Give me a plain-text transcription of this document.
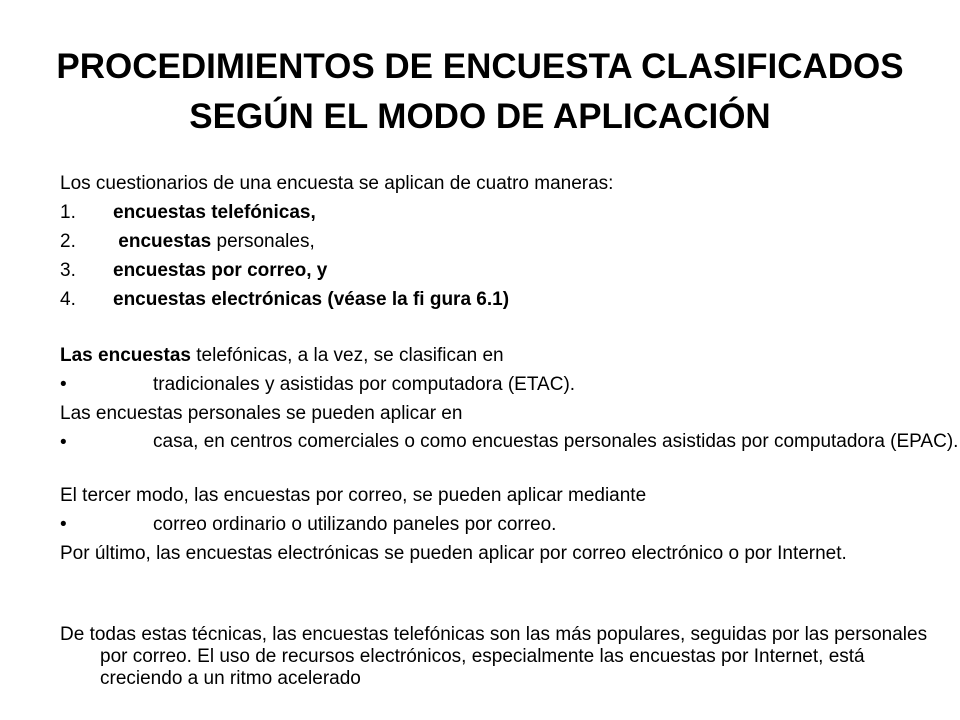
PROCEDIMIENTOS DE ENCUESTA CLASIFICADOS
SEGÚN EL MODO DE APLICACIÓN
Los cuestionarios de una encuesta se aplican de cuatro maneras:
1. encuestas telefónicas,
2. encuestas personales,
3. encuestas por correo, y
4. encuestas electrónicas (véase la fi gura 6.1)
Las encuestas telefónicas, a la vez, se clasifican en
•	tradicionales y asistidas por computadora (ETAC).
Las encuestas personales se pueden aplicar en
•	casa, en centros comerciales o como encuestas personales asistidas por computadora (EPAC).
El tercer modo, las encuestas por correo, se pueden aplicar mediante
•	correo ordinario o utilizando paneles por correo.
Por último, las encuestas electrónicas se pueden aplicar por correo electrónico o por Internet.
De todas estas técnicas, las encuestas telefónicas son las más populares, seguidas por las personales por correo. El uso de recursos electrónicos, especialmente las encuestas por Internet, está creciendo a un ritmo acelerado
